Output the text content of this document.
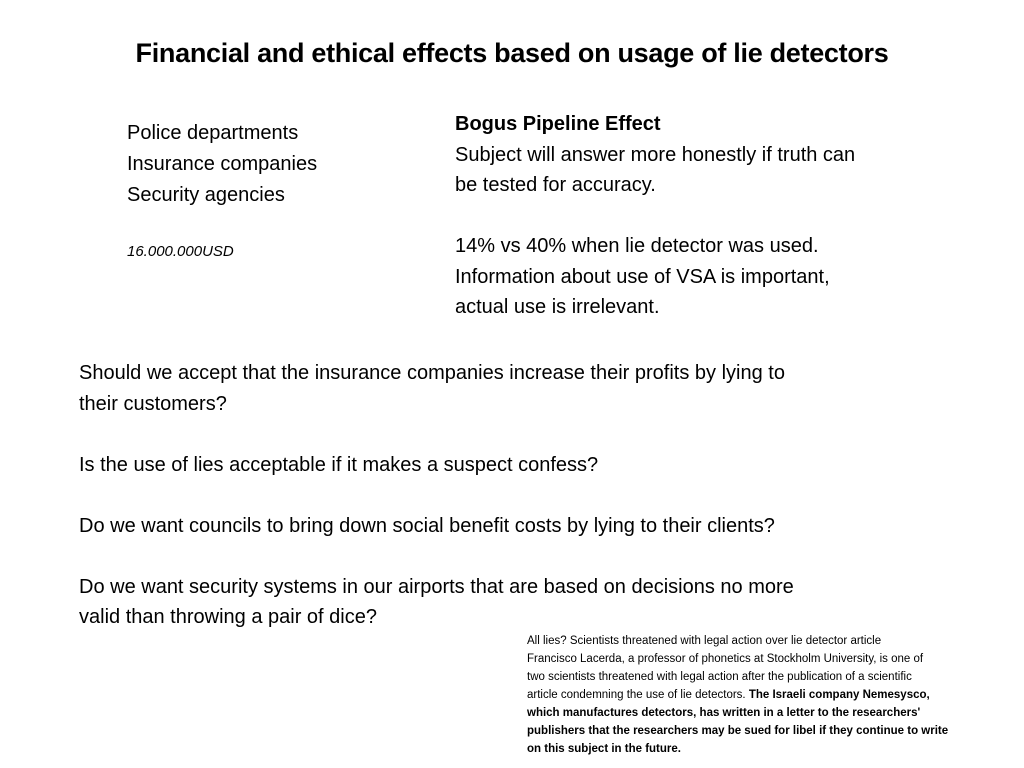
Financial and ethical effects based on usage of lie detectors
Police departments
Insurance companies
Security agencies
16.000.000USD
Bogus Pipeline Effect
Subject will answer more honestly if truth can
be tested for accuracy.
14% vs 40% when lie detector was used.
Information about use of VSA is important,
actual use is irrelevant.
Should we accept that the insurance companies increase their profits by lying to
their customers?
Is the use of lies acceptable if it makes a suspect confess?
Do we want councils to bring down social benefit costs by lying to their clients?
Do we want security systems in our airports that are based on decisions no more
valid than throwing a pair of dice?
All lies? Scientists threatened with legal action over lie detector article
Francisco Lacerda, a professor of phonetics at Stockholm University, is one of
two scientists threatened with legal action after the publication of a scientific
article condemning the use of lie detectors. The Israeli company Nemesysco,
which manufactures detectors, has written in a letter to the researchers'
publishers that the researchers may be sued for libel if they continue to write
on this subject in the future.
